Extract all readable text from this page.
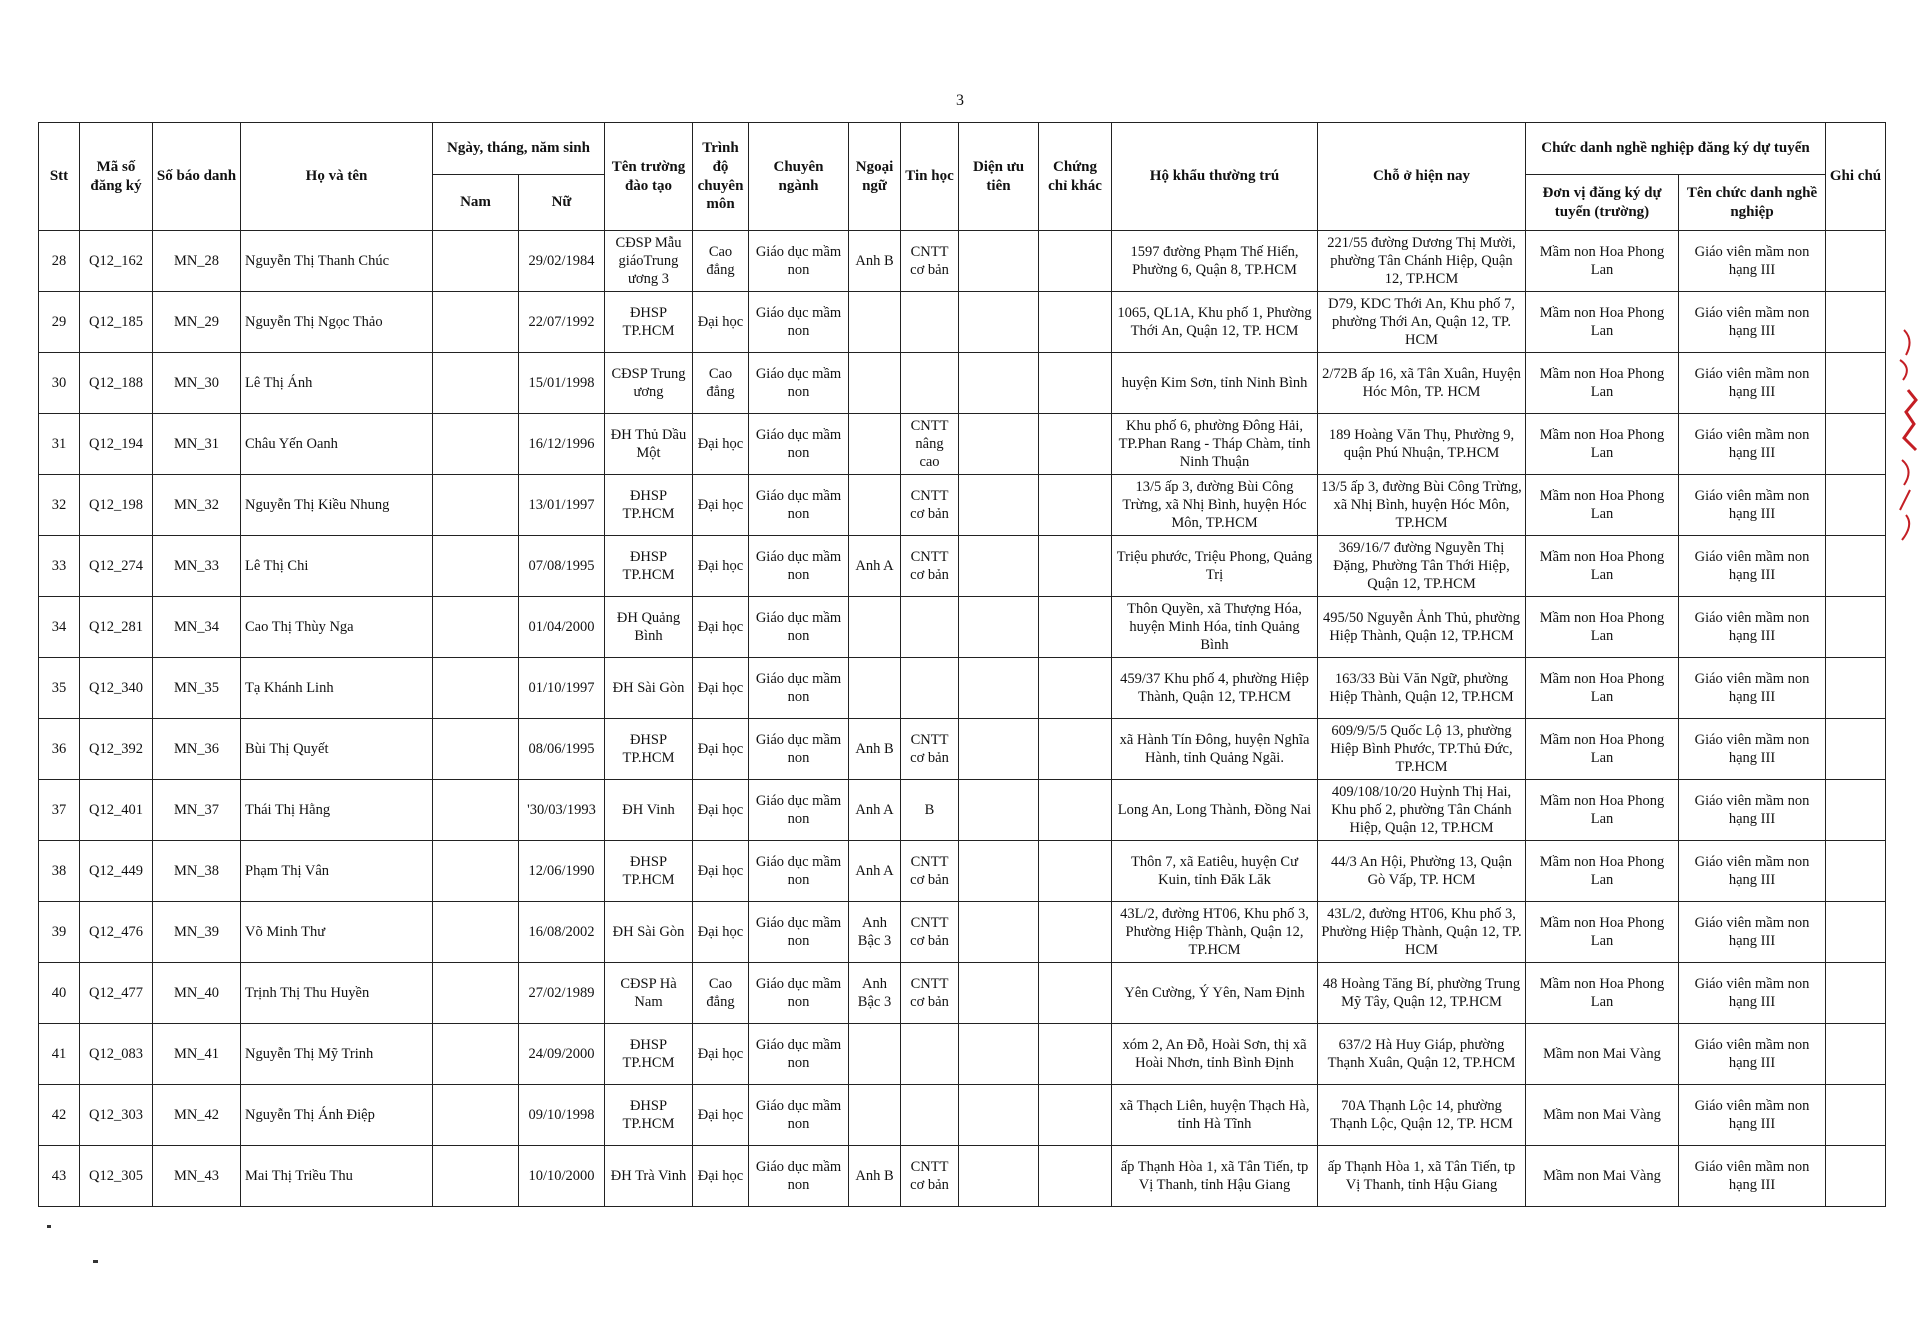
3
Stt	Mã số đăng ký	Số báo danh	Họ và tên	Ngày, tháng, năm sinh		Tên trường đào tạo	Trình độ chuyên môn	Chuyên ngành	Ngoại ngữ	Tin học	Diện ưu tiên	Chứng chỉ khác	Hộ khẩu thường trú	Chỗ ở hiện nay	Chức danh nghề nghiệp đăng ký dự tuyển		Ghi chú
				Nam	Nữ										Đơn vị đăng ký dự tuyển (trường)	Tên chức danh nghề nghiệp	
28	Q12_162	MN_28	Nguyễn Thị Thanh Chúc		29/02/1984	CĐSP Mẫu giáoTrung ương 3	Cao đẳng	Giáo dục mầm non	Anh B	CNTT cơ bản			1597 đường Phạm Thế Hiển, Phường 6, Quận 8, TP.HCM	221/55 đường Dương Thị Mười, phường Tân Chánh Hiệp, Quận 12, TP.HCM	Mầm non Hoa Phong Lan	Giáo viên mầm non hạng III	
29	Q12_185	MN_29	Nguyễn Thị Ngọc Thảo		22/07/1992	ĐHSP TP.HCM	Đại học	Giáo dục mầm non					1065, QL1A, Khu phố 1, Phường Thới An, Quận 12, TP. HCM	D79, KDC Thới An, Khu phố 7, phường Thới An, Quận 12, TP. HCM	Mầm non Hoa Phong Lan	Giáo viên mầm non hạng III	
30	Q12_188	MN_30	Lê Thị Ánh		15/01/1998	CĐSP Trung ương	Cao đẳng	Giáo dục mầm non					huyện Kim Sơn, tỉnh Ninh Bình	2/72B ấp 16, xã Tân Xuân, Huyện Hóc Môn, TP. HCM	Mầm non Hoa Phong Lan	Giáo viên mầm non hạng III	
31	Q12_194	MN_31	Châu Yến Oanh		16/12/1996	ĐH Thủ Dầu Một	Đại học	Giáo dục mầm non		CNTT nâng cao			Khu phố 6, phường Đông Hải, TP.Phan Rang - Tháp Chàm, tỉnh Ninh Thuận	189 Hoàng Văn Thụ, Phường 9, quận Phú Nhuận, TP.HCM	Mầm non Hoa Phong Lan	Giáo viên mầm non hạng III	
32	Q12_198	MN_32	Nguyễn Thị Kiều Nhung		13/01/1997	ĐHSP TP.HCM	Đại học	Giáo dục mầm non		CNTT cơ bản			13/5 ấp 3, đường Bùi Công Trừng, xã Nhị Bình, huyện Hóc Môn, TP.HCM	13/5 ấp 3, đường Bùi Công Trừng, xã Nhị Bình, huyện Hóc Môn, TP.HCM	Mầm non Hoa Phong Lan	Giáo viên mầm non hạng III	
33	Q12_274	MN_33	Lê Thị Chi		07/08/1995	ĐHSP TP.HCM	Đại học	Giáo dục mầm non	Anh A	CNTT cơ bản			Triệu phước, Triệu Phong, Quảng Trị	369/16/7 đường Nguyễn Thị Đặng, Phường Tân Thới Hiệp, Quận 12, TP.HCM	Mầm non Hoa Phong Lan	Giáo viên mầm non hạng III	
34	Q12_281	MN_34	Cao Thị Thùy Nga		01/04/2000	ĐH Quảng Bình	Đại học	Giáo dục mầm non					Thôn Quyền, xã Thượng Hóa, huyện Minh Hóa, tỉnh Quảng Bình	495/50 Nguyễn Ảnh Thủ, phường Hiệp Thành, Quận 12, TP.HCM	Mầm non Hoa Phong Lan	Giáo viên mầm non hạng III	
35	Q12_340	MN_35	Tạ Khánh Linh		01/10/1997	ĐH Sài Gòn	Đại học	Giáo dục mầm non					459/37 Khu phố 4, phường Hiệp Thành, Quận 12, TP.HCM	163/33 Bùi Văn Ngữ, phường Hiệp Thành, Quận 12, TP.HCM	Mầm non Hoa Phong Lan	Giáo viên mầm non hạng III	
36	Q12_392	MN_36	Bùi Thị Quyết		08/06/1995	ĐHSP TP.HCM	Đại học	Giáo dục mầm non	Anh B	CNTT cơ bản			xã Hành Tín Đông, huyện Nghĩa Hành, tỉnh Quảng Ngãi.	609/9/5/5 Quốc Lộ 13, phường Hiệp Bình Phước, TP.Thủ Đức, TP.HCM	Mầm non Hoa Phong Lan	Giáo viên mầm non hạng III	
37	Q12_401	MN_37	Thái Thị Hằng		'30/03/1993	ĐH Vinh	Đại học	Giáo dục mầm non	Anh A	B			Long An, Long Thành, Đồng Nai	409/108/10/20 Huỳnh Thị Hai, Khu phố 2, phường Tân Chánh Hiệp, Quận 12, TP.HCM	Mầm non Hoa Phong Lan	Giáo viên mầm non hạng III	
38	Q12_449	MN_38	Phạm Thị Vân		12/06/1990	ĐHSP TP.HCM	Đại học	Giáo dục mầm non	Anh A	CNTT cơ bản			Thôn 7, xã Eatiêu, huyện Cư Kuin, tỉnh Đăk Lăk	44/3 An Hội, Phường 13, Quận Gò Vấp, TP. HCM	Mầm non Hoa Phong Lan	Giáo viên mầm non hạng III	
39	Q12_476	MN_39	Võ Minh Thư		16/08/2002	ĐH Sài Gòn	Đại học	Giáo dục mầm non	Anh Bậc 3	CNTT cơ bản			43L/2, đường HT06, Khu phố 3, Phường Hiệp Thành, Quận 12, TP.HCM	43L/2, đường HT06, Khu phố 3, Phường Hiệp Thành, Quận 12, TP. HCM	Mầm non Hoa Phong Lan	Giáo viên mầm non hạng III	
40	Q12_477	MN_40	Trịnh Thị Thu Huyền		27/02/1989	CĐSP Hà Nam	Cao đẳng	Giáo dục mầm non	Anh Bậc 3	CNTT cơ bản			Yên Cường, Ý Yên, Nam Định	48 Hoàng Tăng Bí, phường Trung Mỹ Tây, Quận 12, TP.HCM	Mầm non Hoa Phong Lan	Giáo viên mầm non hạng III	
41	Q12_083	MN_41	Nguyễn Thị Mỹ Trinh		24/09/2000	ĐHSP TP.HCM	Đại học	Giáo dục mầm non					xóm 2, An Đỗ, Hoài Sơn, thị xã Hoài Nhơn, tỉnh Bình Định	637/2 Hà Huy Giáp, phường Thạnh Xuân, Quận 12, TP.HCM	Mầm non Mai Vàng	Giáo viên mầm non hạng III	
42	Q12_303	MN_42	Nguyễn Thị Ánh Điệp		09/10/1998	ĐHSP TP.HCM	Đại học	Giáo dục mầm non					xã Thạch Liên, huyện Thạch Hà, tỉnh Hà Tĩnh	70A Thạnh Lộc 14, phường Thạnh Lộc, Quận 12, TP. HCM	Mầm non Mai Vàng	Giáo viên mầm non hạng III	
43	Q12_305	MN_43	Mai Thị Triều Thu		10/10/2000	ĐH Trà Vinh	Đại học	Giáo dục mầm non	Anh B	CNTT cơ bản			ấp Thạnh Hòa 1, xã Tân Tiến, tp Vị Thanh, tỉnh Hậu Giang	ấp Thạnh Hòa 1, xã Tân Tiến, tp Vị Thanh, tỉnh Hậu Giang	Mầm non Mai Vàng	Giáo viên mầm non hạng III	
